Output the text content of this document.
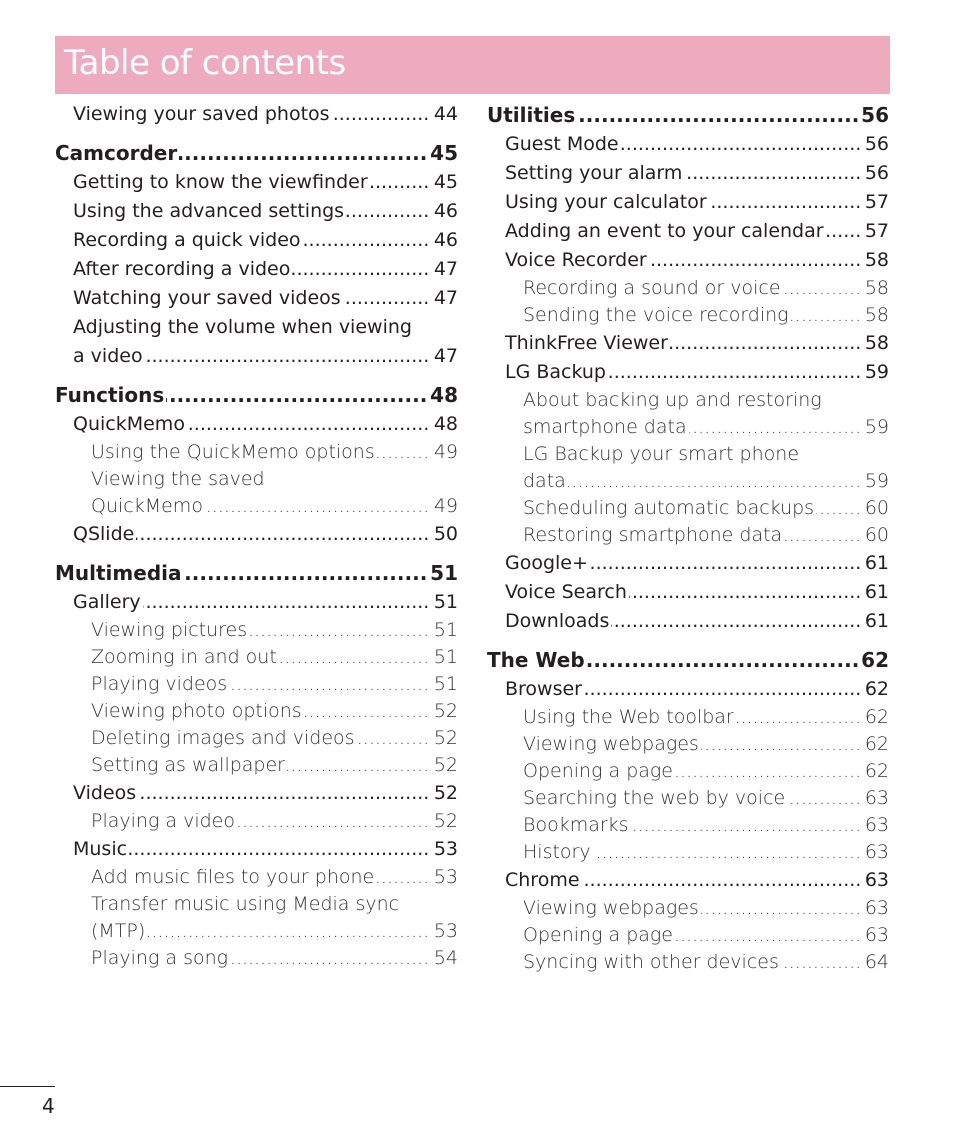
Table of contents
.....
Viewing your saved photos	44
.....
Camcorder	45
.....
Getting to know the viewfinder	45
.....
Using the advanced settings	46
.....
Recording a quick video	46
.....
After recording a video	47
.....
Watching your saved videos	47
Adjusting the volume when viewing
.....
a video	47
.....
Functions	48
.....
QuickMemo	48
.....
Using the QuickMemo options	49
Viewing the saved
.....
QuickMemo	49
.....
QSlide	50
.....
Multimedia	51
.....
Gallery	51
.....
Viewing pictures	51
.....
Zooming in and out	51
.....
Playing videos	51
.....
Viewing photo options	52
.....
Deleting images and videos	52
.....
Setting as wallpaper	52
.....
Videos	52
.....
Playing a video	52
.....
Music	53
.....
Add music files to your phone	53
Transfer music using Media sync
.....
(MTP)	53
.....
Playing a song	54
.....
Utilities	56
.....
Guest Mode	56
.....
Setting your alarm	56
.....
Using your calculator	57
.....
Adding an event to your calendar 57
.....
Voice Recorder	58
.....
Recording a sound or voice	58
.....
Sending the voice recording	58
.....
ThinkFree Viewer	58
.....
LG Backup	59
About backing up and restoring
.....
smartphone data	59
LG Backup your smart phone
.....
data	59
.....
Scheduling automatic backups	60
.....
Restoring smartphone data	60
.....
Google+	61
.....
Voice Search	61
.....
Downloads	61
.....
The Web	62
.....
Browser	62
.....
Using the Web toolbar	62
.....
Viewing webpages	62
.....
Opening a page	62
.....
Searching the web by voice	63
.....
Bookmarks	63
.....
History	63
.....
Chrome	63
.....
Viewing webpages	63
.....
Opening a page	63
.....
Syncing with other devices	64
4
